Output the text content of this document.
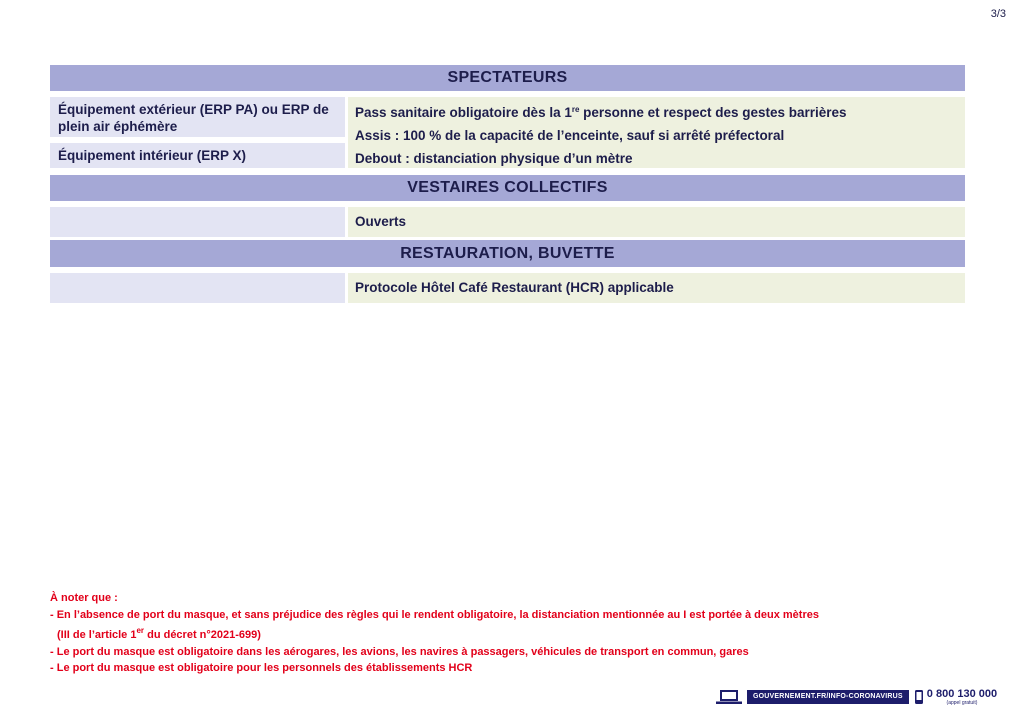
3/3
SPECTATEURS
Équipement extérieur (ERP PA) ou ERP de plein air éphémère
Équipement intérieur (ERP X)
Pass sanitaire obligatoire dès la 1re personne et respect des gestes barrières
Assis : 100 % de la capacité de l’enceinte, sauf si arrêté préfectoral
Debout : distanciation physique d’un mètre
VESTAIRES COLLECTIFS
Ouverts
RESTAURATION, BUVETTE
Protocole Hôtel Café Restaurant (HCR) applicable
À noter que :
- En l’absence de port du masque, et sans préjudice des règles qui le rendent obligatoire, la distanciation mentionnée au I est portée à deux mètres
(III de l’article 1er du décret n°2021-699)
- Le port du masque est obligatoire dans les aérogares, les avions, les navires à passagers, véhicules de transport en commun, gares
- Le port du masque est obligatoire pour les personnels des établissements HCR
GOUVERNEMENT.FR/INFO-CORONAVIRUS	0 800 130 000
(appel gratuit)
